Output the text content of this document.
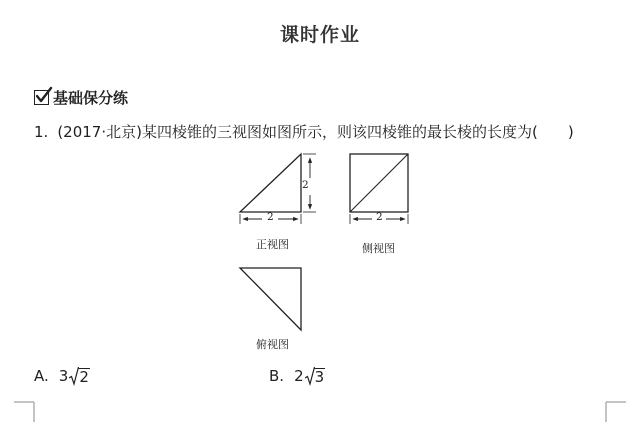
课时作业
基础保分练
1. (2017·北京)某四棱锥的三视图如图所示，则该四棱锥的最长棱的长度为(　　)
2
2	2
正视图	侧视图
俯视图
A. 3 2	B. 2 3
